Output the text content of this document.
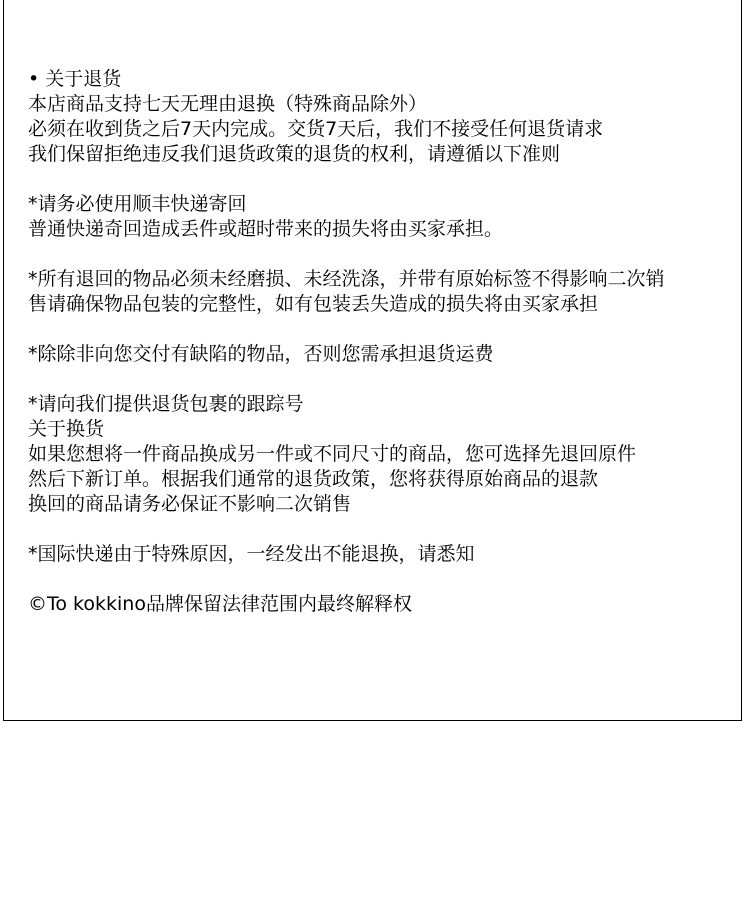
• 关于退货
本店商品支持七天无理由退换（特殊商品除外）
必须在收到货之后7天内完成。交货7天后，我们不接受任何退货请求
我们保留拒绝违反我们退货政策的退货的权利，请遵循以下准则
*请务必使用顺丰快递寄回
普通快递奇回造成丢件或超时带来的损失将由买家承担。
*所有退回的物品必须未经磨损、未经洗涤，并带有原始标签不得影响二次销
售请确保物品包装的完整性，如有包装丢失造成的损失将由买家承担
*除除非向您交付有缺陷的物品，否则您需承担退货运费
*请向我们提供退货包裹的跟踪号
关于换货
如果您想将一件商品换成另一件或不同尺寸的商品，您可选择先退回原件
然后下新订单。根据我们通常的退货政策，您将获得原始商品的退款
换回的商品请务必保证不影响二次销售
*国际快递由于特殊原因，一经发出不能退换，请悉知
©To kokkino品牌保留法律范围内最终解释权
